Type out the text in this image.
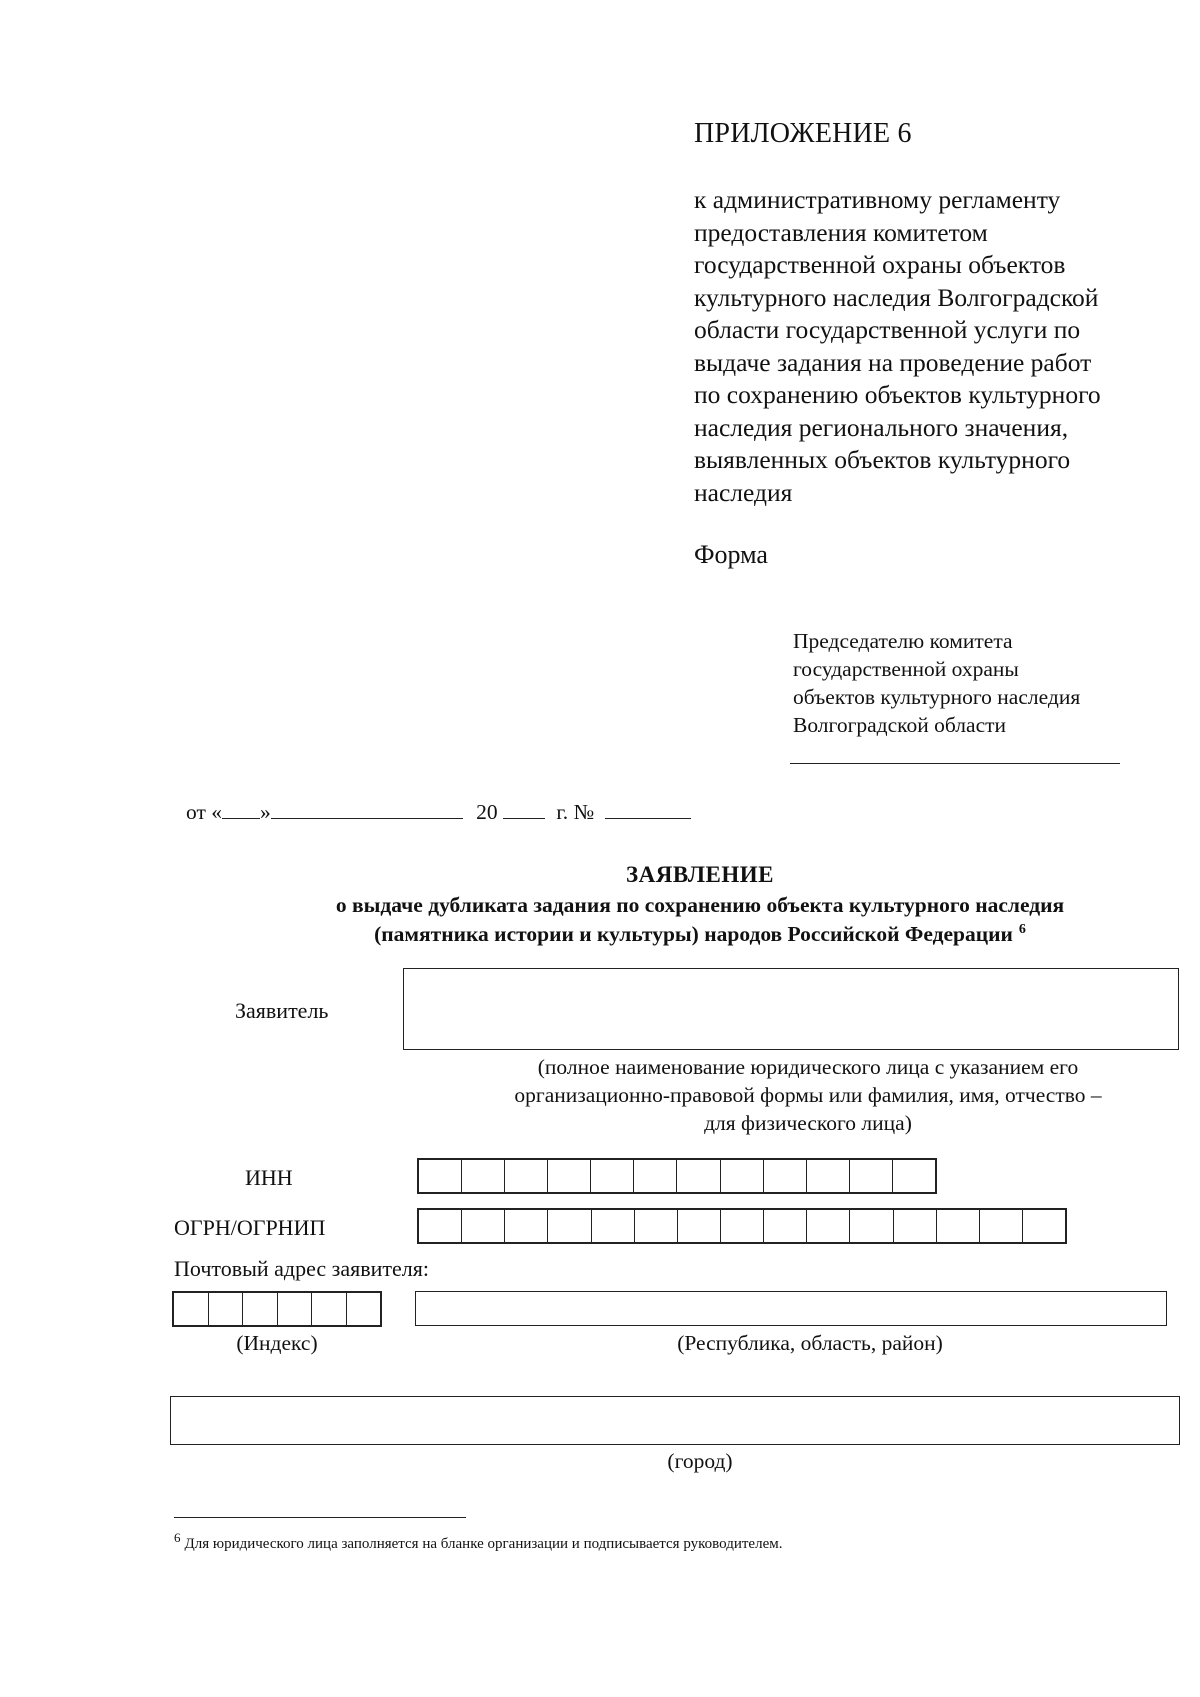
ПРИЛОЖЕНИЕ 6
к административному регламенту
предоставления комитетом
государственной охраны объектов
культурного наследия Волгоградской
области государственной услуги по
выдаче задания на проведение работ
по сохранению объектов культурного
наследия регионального значения,
выявленных объектов культурного
наследия
Форма
Председателю комитета
государственной охраны
объектов культурного наследия
Волгоградской области
от « »	20	г. №
ЗАЯВЛЕНИЕ
о выдаче дубликата задания по сохранению объекта культурного наследия
(памятника истории и культуры) народов Российской Федерации $^6$
Заявитель
(полное наименование юридического лица с указанием его
организационно-правовой формы или фамилия, имя, отчество –
для физического лица)
ИНН
ОГРН/ОГРНИП
Почтовый адрес заявителя:
(Индекс)	(Республика, область, район)
(город)
$^6$ Для юридического лица заполняется на бланке организации и подписывается руководителем.
